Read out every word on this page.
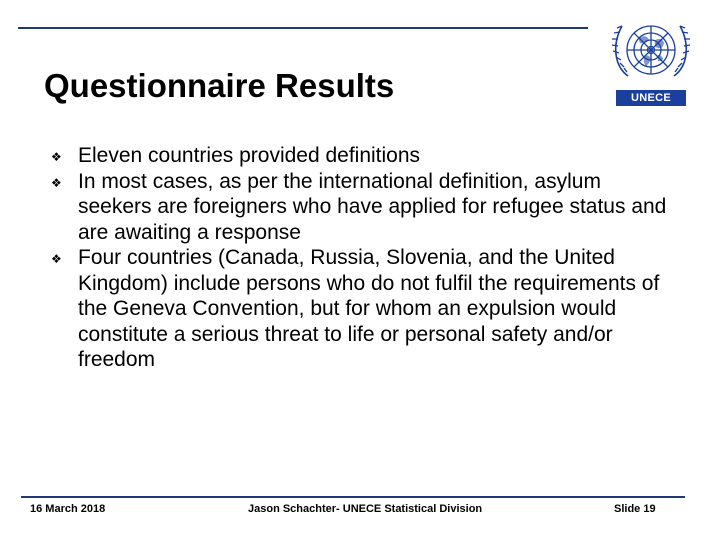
UNECE
Questionnaire Results
❖ Eleven countries provided definitions
❖ In most cases, as per the international definition, asylum seekers are foreigners who have applied for refugee status and are awaiting a response
❖ Four countries (Canada, Russia, Slovenia, and the United Kingdom) include persons who do not fulfil the requirements of the Geneva Convention, but for whom an expulsion would constitute a serious threat to life or personal safety and/or freedom
16 March 2018	Jason Schachter- UNECE Statistical Division	Slide 19
